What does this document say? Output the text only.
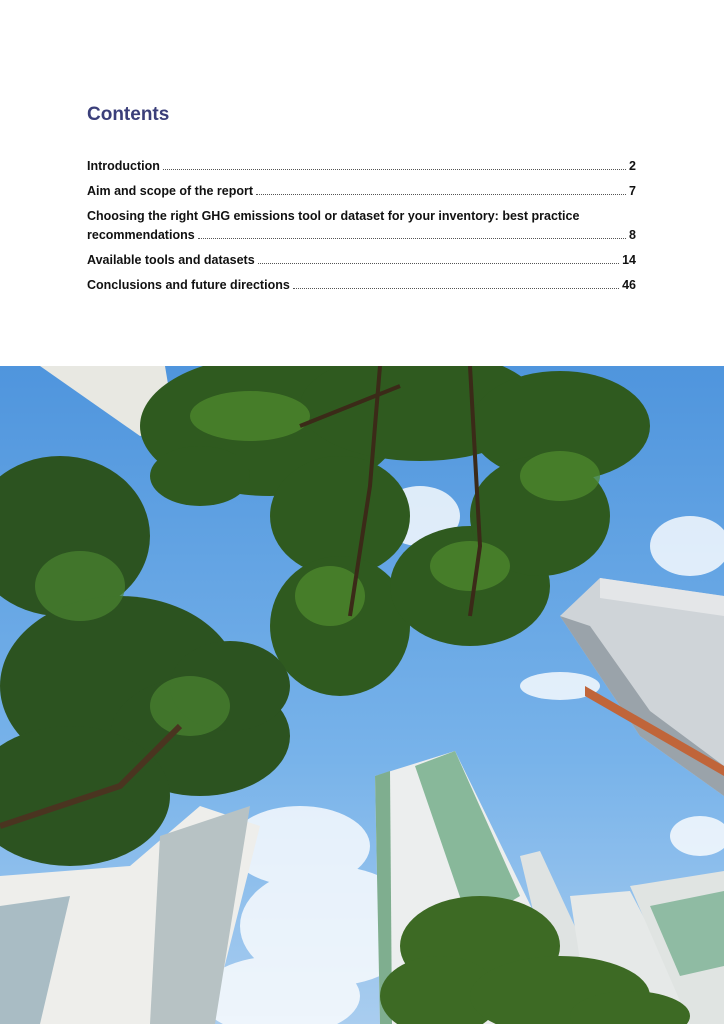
Contents
Introduction	2
Aim and scope of the report	7
Choosing the right GHG emissions tool or dataset for your inventory: best practice
recommendations	8
Available tools and datasets	14
Conclusions and future directions	46
